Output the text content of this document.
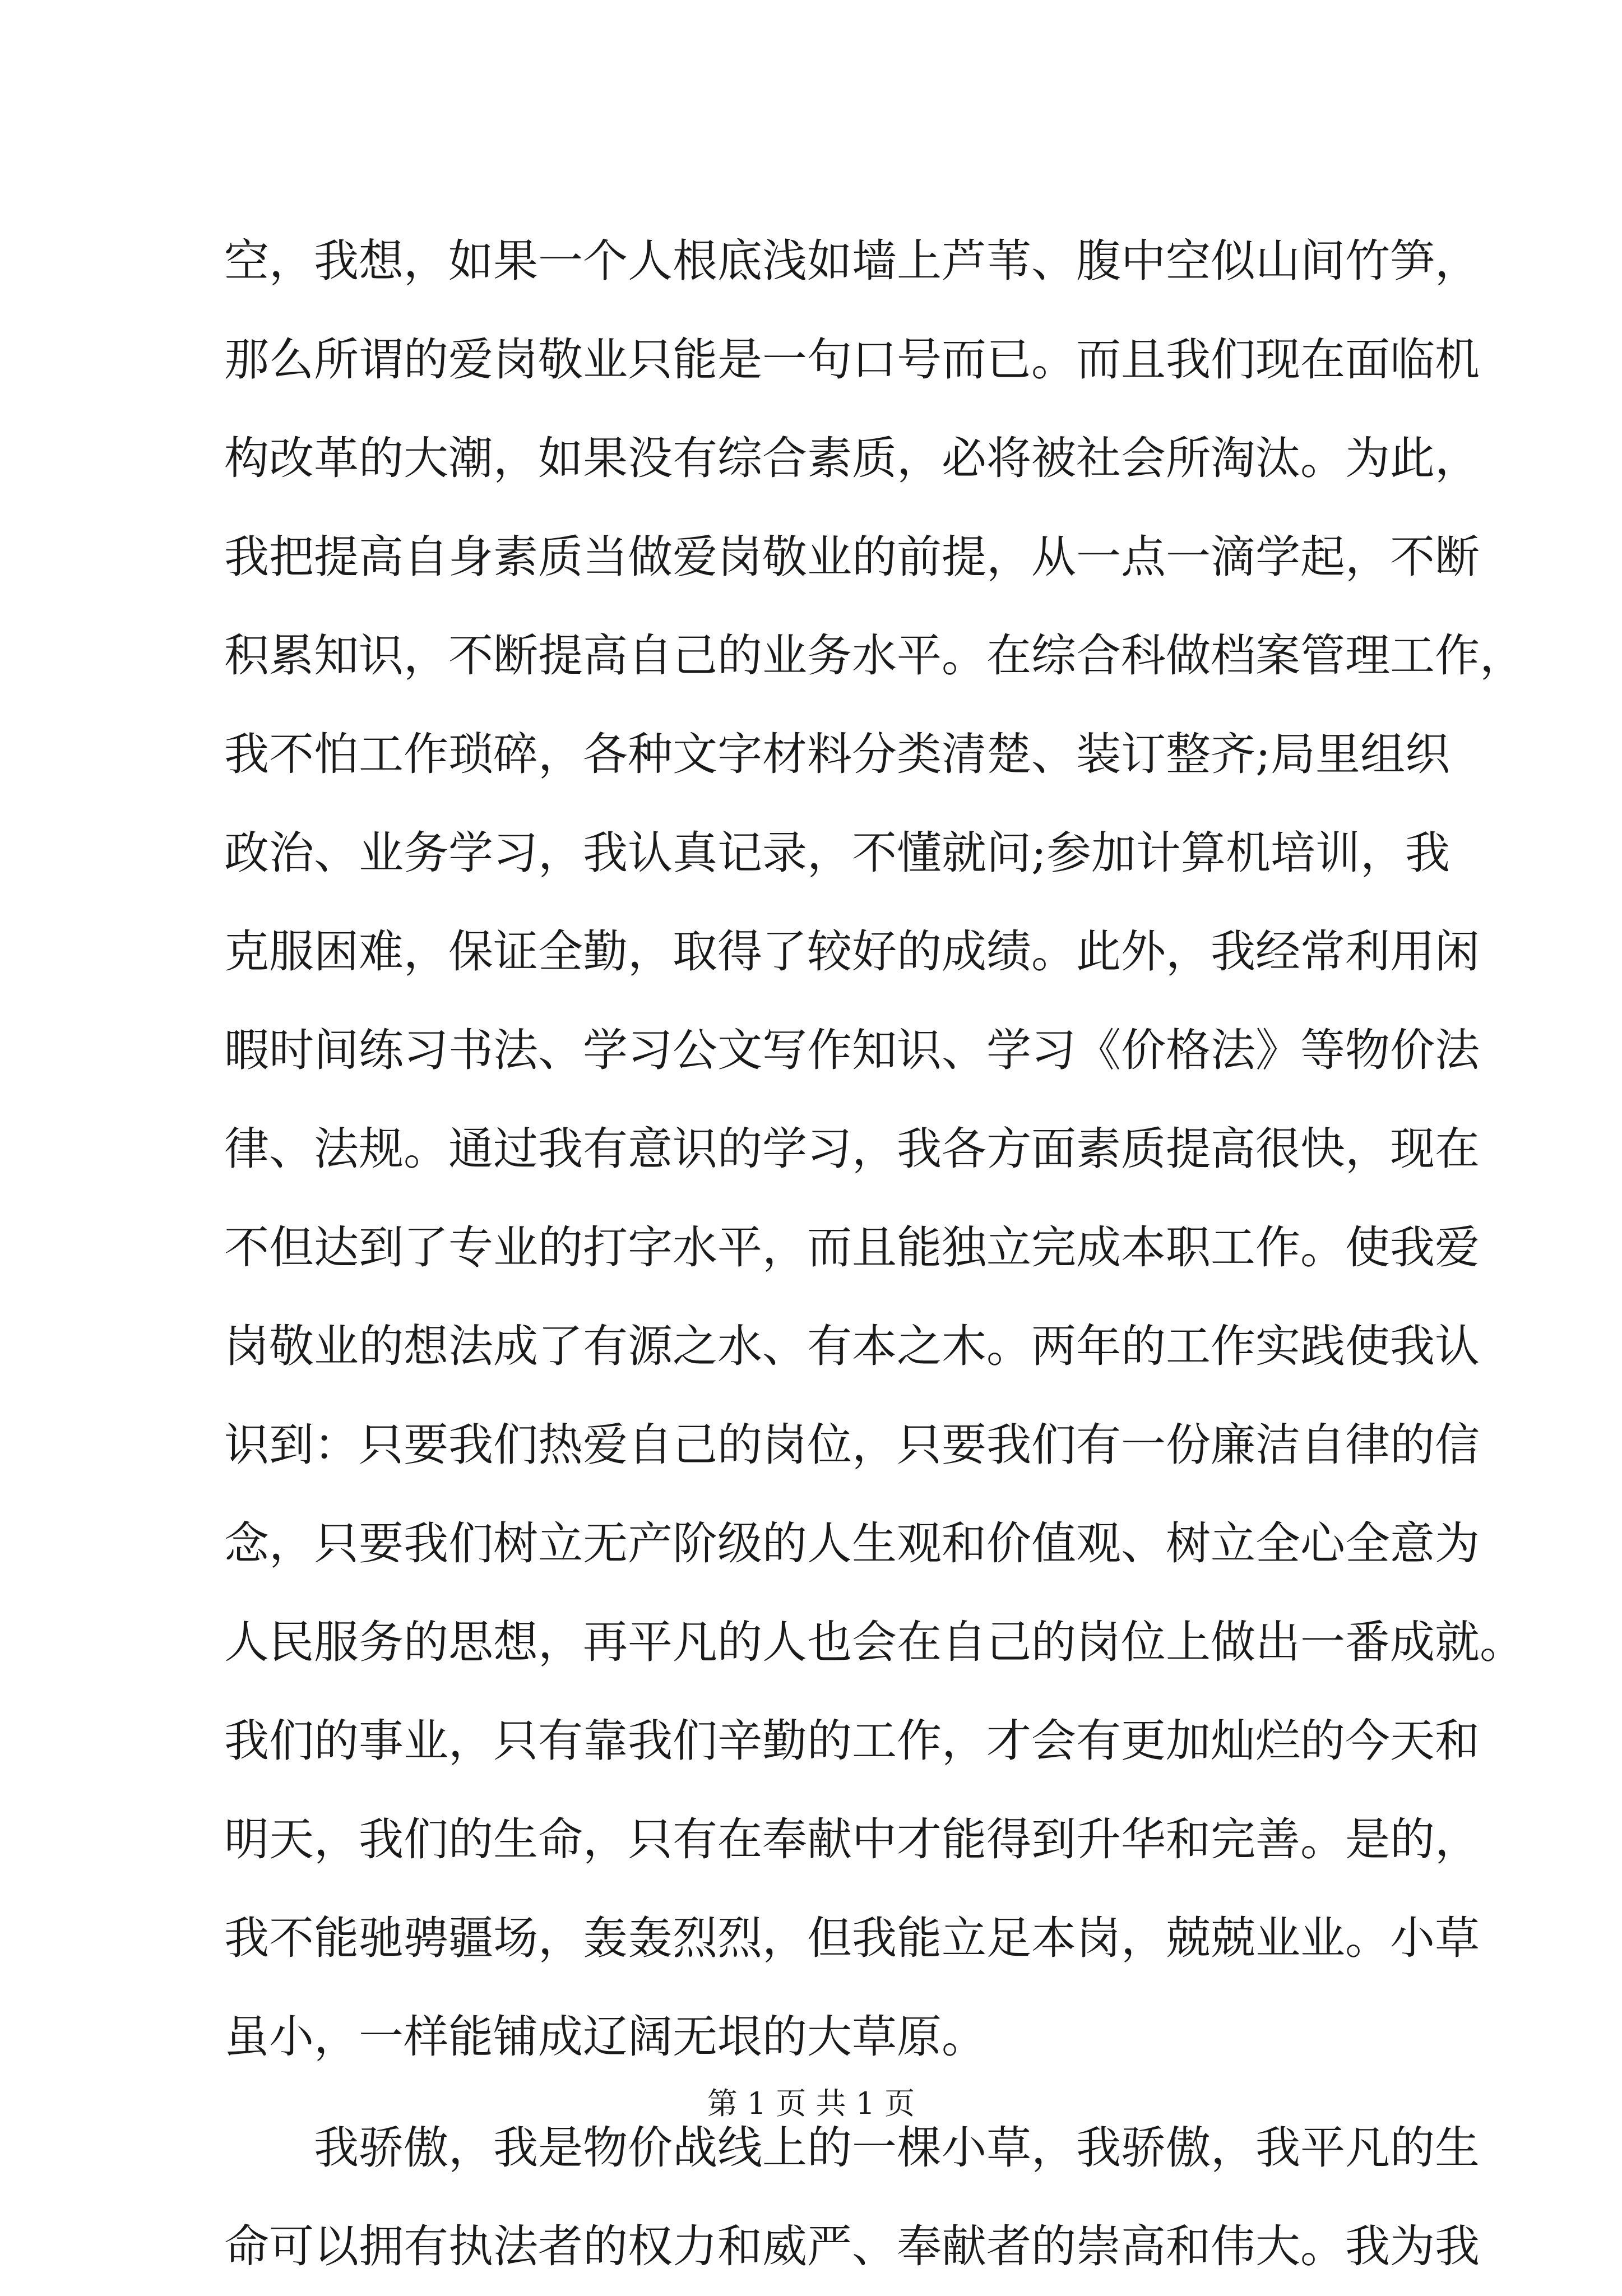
空，我想，如果一个人根底浅如墙上芦苇、腹中空似山间竹笋，
那么所谓的爱岗敬业只能是一句口号而已。而且我们现在面临机
构改革的大潮，如果没有综合素质，必将被社会所淘汰。为此，
我把提高自身素质当做爱岗敬业的前提，从一点一滴学起，不断
积累知识，不断提高自己的业务水平。在综合科做档案管理工作，
我不怕工作琐碎，各种文字材料分类清楚、装订整齐;局里组织
政治、业务学习，我认真记录，不懂就问;参加计算机培训，我
克服困难，保证全勤，取得了较好的成绩。此外，我经常利用闲
暇时间练习书法、学习公文写作知识、学习《价格法》等物价法
律、法规。通过我有意识的学习，我各方面素质提高很快，现在
不但达到了专业的打字水平，而且能独立完成本职工作。使我爱
岗敬业的想法成了有源之水、有本之木。两年的工作实践使我认
识到：只要我们热爱自己的岗位，只要我们有一份廉洁自律的信
念，只要我们树立无产阶级的人生观和价值观、树立全心全意为
人民服务的思想，再平凡的人也会在自己的岗位上做出一番成就。
我们的事业，只有靠我们辛勤的工作，才会有更加灿烂的今天和
明天，我们的生命，只有在奉献中才能得到升华和完善。是的，
我不能驰骋疆场，轰轰烈烈，但我能立足本岗，兢兢业业。小草
虽小，一样能铺成辽阔无垠的大草原。
　　我骄傲，我是物价战线上的一棵小草，我骄傲，我平凡的生
命可以拥有执法者的权力和威严、奉献者的崇高和伟大。我为我
第 1 页 共 1 页
